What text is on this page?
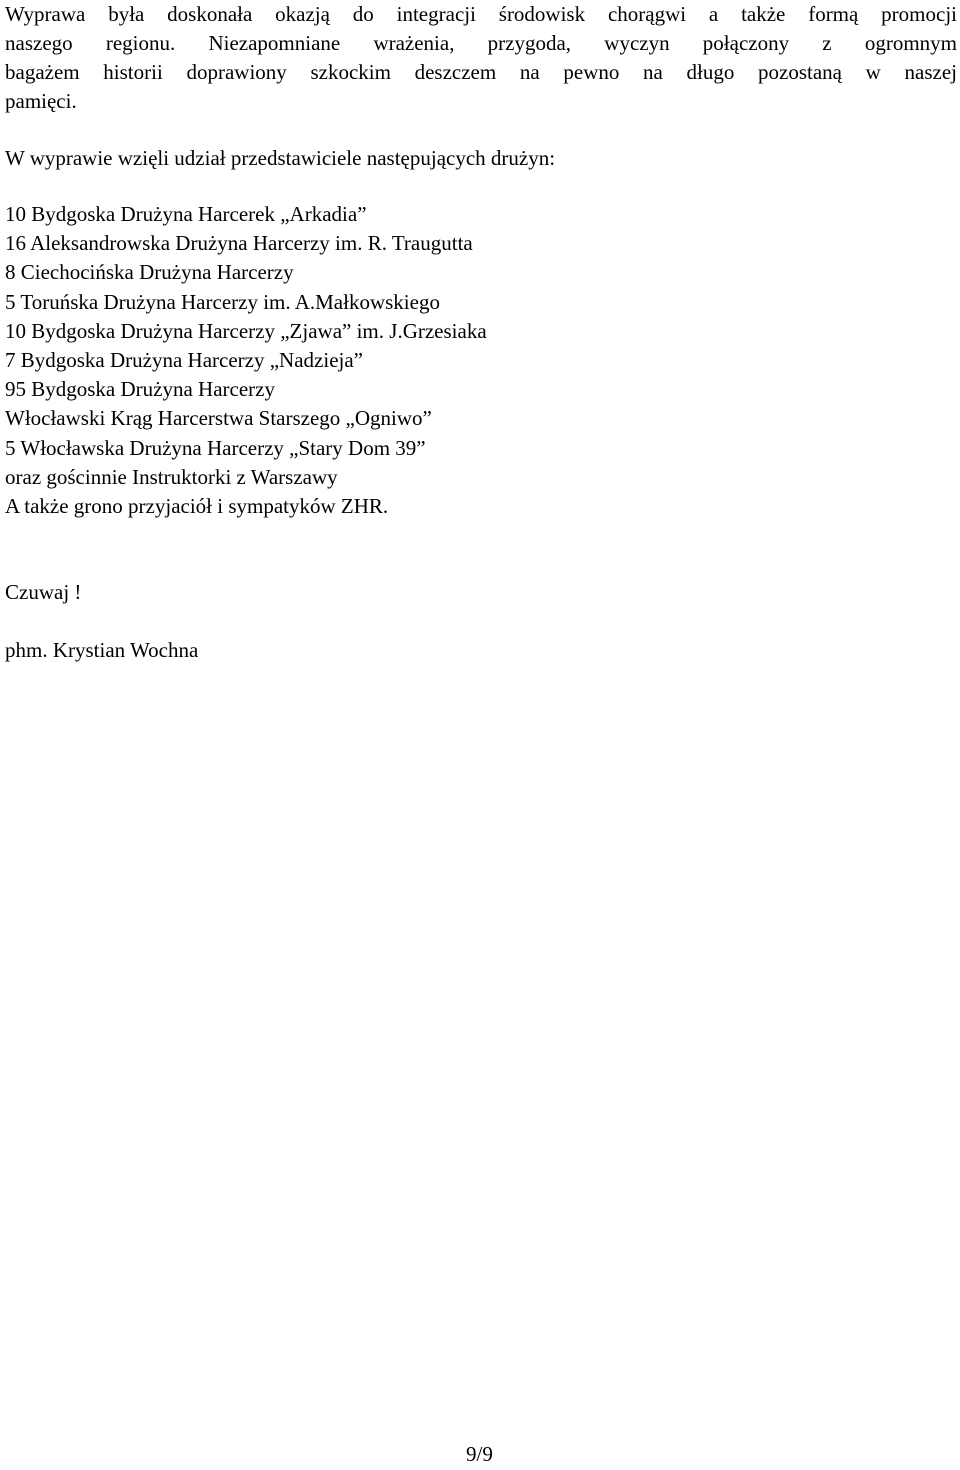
Wyprawa była doskonała okazją do integracji środowisk chorągwi a także formą promocji
naszego regionu. Niezapomniane wrażenia, przygoda, wyczyn połączony z ogromnym
bagażem historii doprawiony szkockim deszczem na pewno na długo pozostaną w naszej
pamięci.

W wyprawie wzięli udział przedstawiciele następujących drużyn:

10 Bydgoska Drużyna Harcerek „Arkadia”
16 Aleksandrowska Drużyna Harcerzy im. R. Traugutta
8 Ciechocińska Drużyna Harcerzy
5 Toruńska Drużyna Harcerzy im. A.Małkowskiego
10 Bydgoska Drużyna Harcerzy „Zjawa” im. J.Grzesiaka
7 Bydgoska Drużyna Harcerzy „Nadzieja”
95 Bydgoska Drużyna Harcerzy
Włocławski Krąg Harcerstwa Starszego „Ogniwo”
5 Włocławska Drużyna Harcerzy „Stary Dom 39”
oraz gościnnie Instruktorki z Warszawy
A także grono przyjaciół i sympatyków ZHR.

Czuwaj !

phm. Krystian Wochna

9/9
